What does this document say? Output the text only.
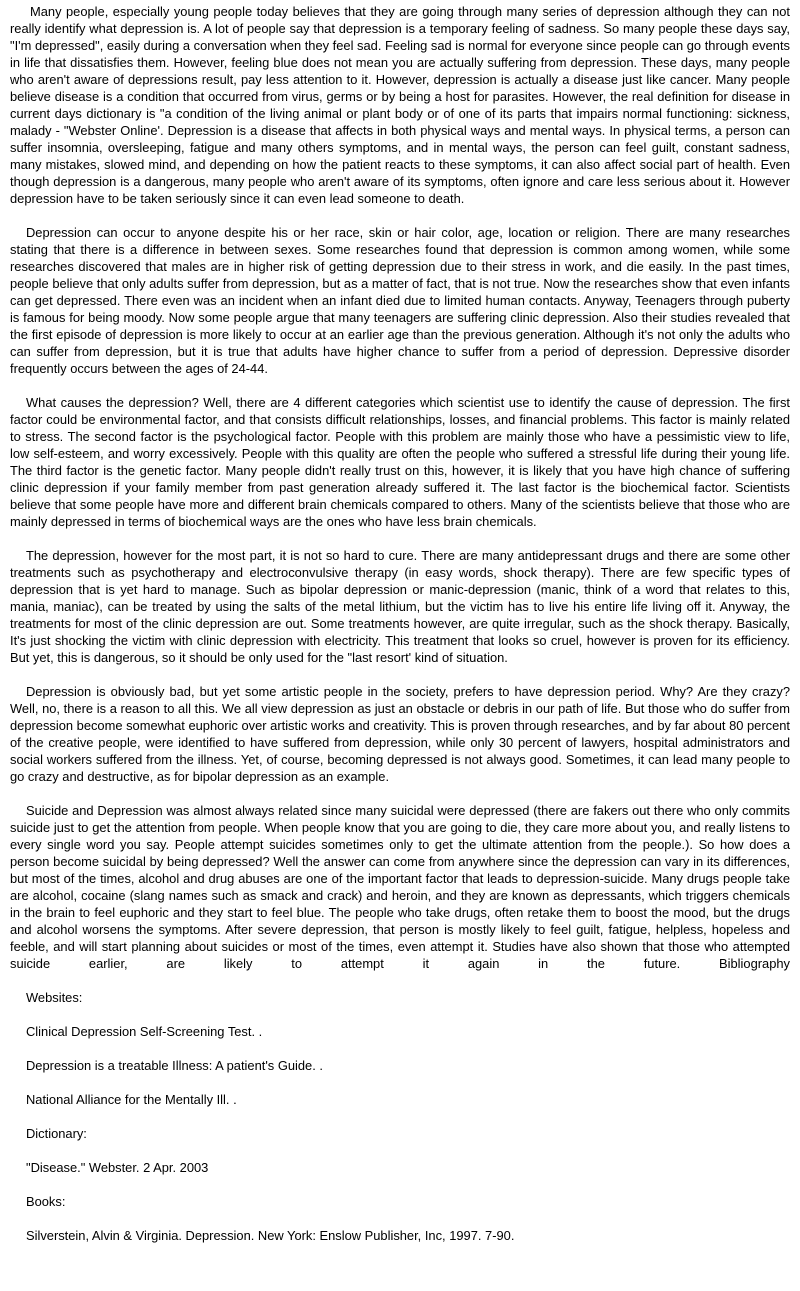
Many people, especially young people today believes that they are going through many series of depression although they can not really identify what depression is. A lot of people say that depression is a temporary feeling of sadness. So many people these days say, "I'm depressed", easily during a conversation when they feel sad. Feeling sad is normal for everyone since people can go through events in life that dissatisfies them. However, feeling blue does not mean you are actually suffering from depression. These days, many people who aren't aware of depressions result, pay less attention to it. However, depression is actually a disease just like cancer. Many people believe disease is a condition that occurred from virus, germs or by being a host for parasites. However, the real definition for disease in current days dictionary is "a condition of the living animal or plant body or of one of its parts that impairs normal functioning: sickness, malady - "Webster Online'. Depression is a disease that affects in both physical ways and mental ways. In physical terms, a person can suffer insomnia, oversleeping, fatigue and many others symptoms, and in mental ways, the person can feel guilt, constant sadness, many mistakes, slowed mind, and depending on how the patient reacts to these symptoms, it can also affect social part of health. Even though depression is a dangerous, many people who aren't aware of its symptoms, often ignore and care less serious about it. However depression have to be taken seriously since it can even lead someone to death.

Depression can occur to anyone despite his or her race, skin or hair color, age, location or religion. There are many researches stating that there is a difference in between sexes. Some researches found that depression is common among women, while some researches discovered that males are in higher risk of getting depression due to their stress in work, and die easily. In the past times, people believe that only adults suffer from depression, but as a matter of fact, that is not true. Now the researches show that even infants can get depressed. There even was an incident when an infant died due to limited human contacts. Anyway, Teenagers through puberty is famous for being moody. Now some people argue that many teenagers are suffering clinic depression. Also their studies revealed that the first episode of depression is more likely to occur at an earlier age than the previous generation. Although it's not only the adults who can suffer from depression, but it is true that adults have higher chance to suffer from a period of depression. Depressive disorder frequently occurs between the ages of 24-44.

What causes the depression? Well, there are 4 different categories which scientist use to identify the cause of depression. The first factor could be environmental factor, and that consists difficult relationships, losses, and financial problems. This factor is mainly related to stress. The second factor is the psychological factor. People with this problem are mainly those who have a pessimistic view to life, low self-esteem, and worry excessively. People with this quality are often the people who suffered a stressful life during their young life. The third factor is the genetic factor. Many people didn't really trust on this, however, it is likely that you have high chance of suffering clinic depression if your family member from past generation already suffered it. The last factor is the biochemical factor. Scientists believe that some people have more and different brain chemicals compared to others. Many of the scientists believe that those who are mainly depressed in terms of biochemical ways are the ones who have less brain chemicals.

The depression, however for the most part, it is not so hard to cure. There are many antidepressant drugs and there are some other treatments such as psychotherapy and electroconvulsive therapy (in easy words, shock therapy). There are few specific types of depression that is yet hard to manage. Such as bipolar depression or manic-depression (manic, think of a word that relates to this, mania, maniac), can be treated by using the salts of the metal lithium, but the victim has to live his entire life living off it. Anyway, the treatments for most of the clinic depression are out. Some treatments however, are quite irregular, such as the shock therapy. Basically, It's just shocking the victim with clinic depression with electricity. This treatment that looks so cruel, however is proven for its efficiency. But yet, this is dangerous, so it should be only used for the "last resort' kind of situation.

Depression is obviously bad, but yet some artistic people in the society, prefers to have depression period. Why? Are they crazy? Well, no, there is a reason to all this. We all view depression as just an obstacle or debris in our path of life. But those who do suffer from depression become somewhat euphoric over artistic works and creativity. This is proven through researches, and by far about 80 percent of the creative people, were identified to have suffered from depression, while only 30 percent of lawyers, hospital administrators and social workers suffered from the illness. Yet, of course, becoming depressed is not always good. Sometimes, it can lead many people to go crazy and destructive, as for bipolar depression as an example.

Suicide and Depression was almost always related since many suicidal were depressed (there are fakers out there who only commits suicide just to get the attention from people. When people know that you are going to die, they care more about you, and really listens to every single word you say. People attempt suicides sometimes only to get the ultimate attention from the people.). So how does a person become suicidal by being depressed? Well the answer can come from anywhere since the depression can vary in its differences, but most of the times, alcohol and drug abuses are one of the important factor that leads to depression-suicide. Many drugs people take are alcohol, cocaine (slang names such as smack and crack) and heroin, and they are known as depressants, which triggers chemicals in the brain to feel euphoric and they start to feel blue. The people who take drugs, often retake them to boost the mood, but the drugs and alcohol worsens the symptoms. After severe depression, that person is mostly likely to feel guilt, fatigue, helpless, hopeless and feeble, and will start planning about suicides or most of the times, even attempt it. Studies have also shown that those who attempted suicide earlier, are likely to attempt it again in the future. Bibliography

Websites:
Clinical Depression Self-Screening Test. .
Depression is a treatable Illness: A patient's Guide. .
National Alliance for the Mentally Ill. .
Dictionary:
"Disease." Webster. 2 Apr. 2003
Books:
Silverstein, Alvin & Virginia. Depression. New York: Enslow Publisher, Inc, 1997. 7-90.
